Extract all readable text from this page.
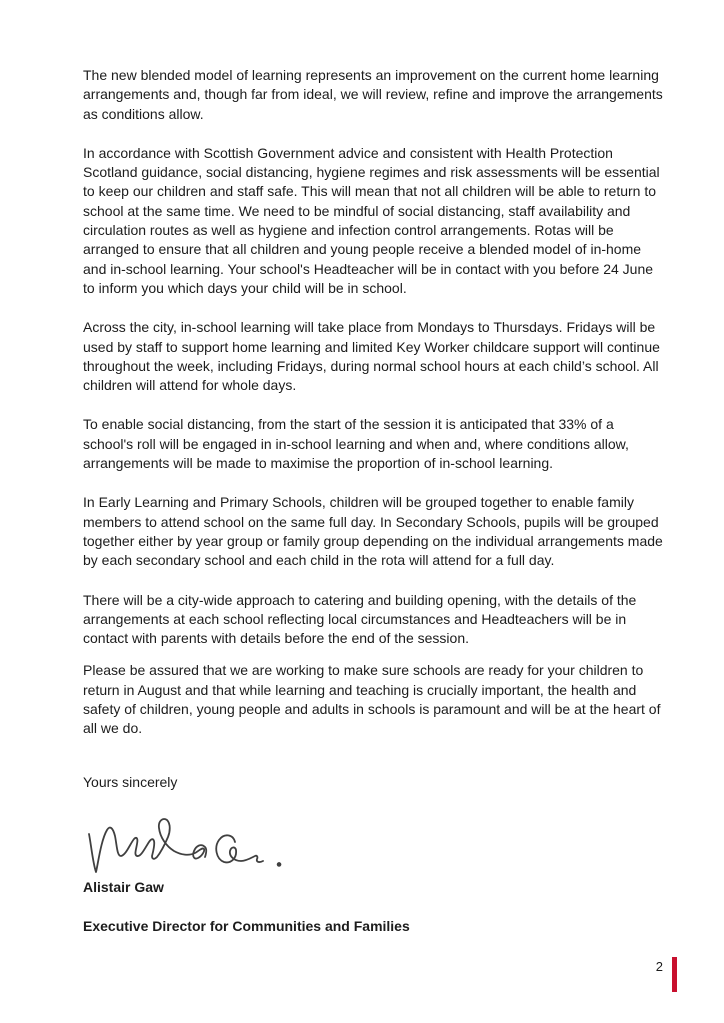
The new blended model of learning represents an improvement on the current home learning arrangements and, though far from ideal, we will review, refine and improve the arrangements as conditions allow.

In accordance with Scottish Government advice and consistent with Health Protection Scotland guidance, social distancing, hygiene regimes and risk assessments will be essential to keep our children and staff safe. This will mean that not all children will be able to return to school at the same time. We need to be mindful of social distancing, staff availability and circulation routes as well as hygiene and infection control arrangements. Rotas will be arranged to ensure that all children and young people receive a blended model of in-home and in-school learning. Your school's Headteacher will be in contact with you before 24 June to inform you which days your child will be in school.

Across the city, in-school learning will take place from Mondays to Thursdays. Fridays will be used by staff to support home learning and limited Key Worker childcare support will continue throughout the week, including Fridays, during normal school hours at each child’s school. All children will attend for whole days.

To enable social distancing, from the start of the session it is anticipated that 33% of a school's roll will be engaged in in-school learning and when and, where conditions allow, arrangements will be made to maximise the proportion of in-school learning.

In Early Learning and Primary Schools, children will be grouped together to enable family members to attend school on the same full day. In Secondary Schools, pupils will be grouped together either by year group or family group depending on the individual arrangements made by each secondary school and each child in the rota will attend for a full day.

There will be a city-wide approach to catering and building opening, with the details of the arrangements at each school reflecting local circumstances and Headteachers will be in contact with parents with details before the end of the session.

Please be assured that we are working to make sure schools are ready for your children to return in August and that while learning and teaching is crucially important, the health and safety of children, young people and adults in schools is paramount and will be at the heart of all we do.

Yours sincerely

Alistair Gaw

Executive Director for Communities and Families

2
